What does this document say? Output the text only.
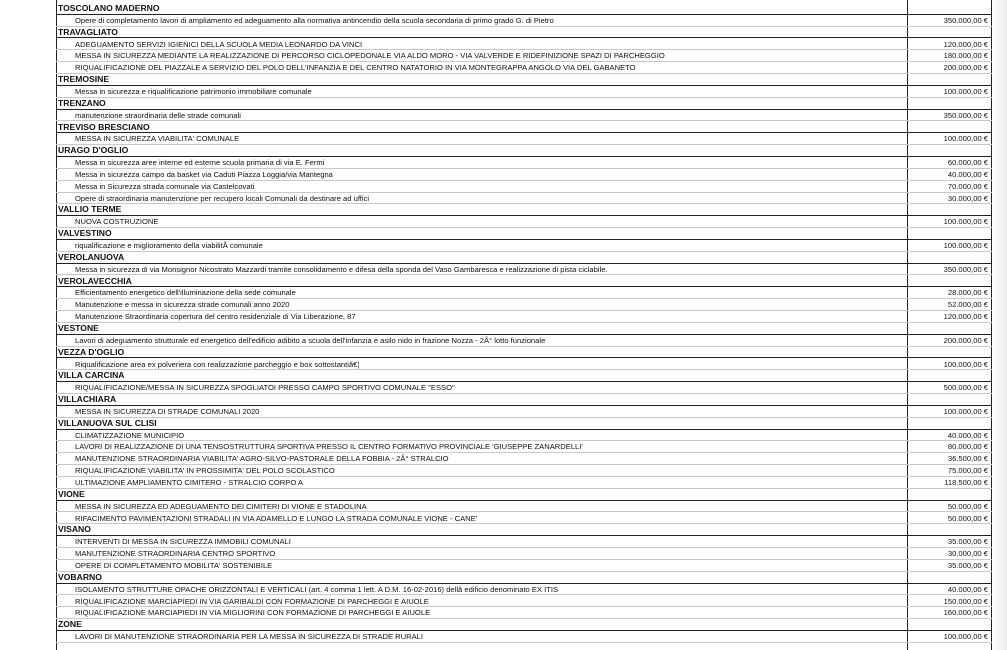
TOSCOLANO MADERNO
Opere di completamento lavori di ampliamento ed adeguamento alla normativa antincendio della scuola secondaria di primo grado G. di Pietro	350.000,00 €
TRAVAGLIATO
ADEGUAMENTO SERVIZI IGIENICI DELLA SCUOLA MEDIA LEONARDO DA VINCI	120.000,00 €
MESSA IN SICUREZZA MEDIANTE LA REALIZZAZIONE DI PERCORSO CICLOPEDONALE VIA ALDO MORO - VIA VALVERDE E RIDEFINIZIONE SPAZI DI PARCHEGGIO	180.000,00 €
RIQUALIFICAZIONE DEL PIAZZALE A SERVIZIO DEL POLO DELL'INFANZIA E DEL CENTRO NATATORIO IN VIA MONTEGRAPPA ANGOLO VIA DEL GABANETO	200.000,00 €
TREMOSINE
Messa in sicurezza e riqualificazione patrimonio immobiliare comunale	100.000,00 €
TRENZANO
manutenzione straordinaria delle strade comunali	350.000,00 €
TREVISO BRESCIANO
MESSA IN SICUREZZA VIABILITA' COMUNALE	100.000,00 €
URAGO D'OGLIO
Messa in sicurezza aree interne ed esterne scuola primaria di via E. Fermi	60.000,00 €
Messa in sicurezza campo da basket via Caduti Piazza Loggia/via Mantegna	40.000,00 €
Messa in Sicurezza strada comunale via Castelcovati	70.000,00 €
Opere di straordinaria manutenzione per recupero locali Comunali da destinare ad uffici	30.000,00 €
VALLIO TERME
NUOVA COSTRUZIONE	100.000,00 €
VALVESTINO
riqualificazione e miglioramento della viabilitÃ comunale	100.000,00 €
VEROLANUOVA
Messa in sicurezza di via Monsignor Nicostrato Mazzardi tramite consolidamento e difesa della sponda del Vaso Gambaresca e realizzazione di pista ciclabile.	350.000,00 €
VEROLAVECCHIA
Efficientamento energetico dell'illuminazione della sede comunale	28.000,00 €
Manutenzione e messa in sicurezza strade comunali anno 2020	52.000,00 €
Manutenzione Straordinaria copertura del centro residenziale di Via Liberazione, 87	120.000,00 €
VESTONE
Lavori di adeguamento strutturale ed energetico dell'edificio adibito a scuola dell'infanzia e asilo nido in frazione Nozza - 2Â° lotto funzionale	200.000,00 €
VEZZA D'OGLIO
Riqualificazione area ex polveriera con realizzazione parcheggio e box sottostantiâ€¦	100.000,00 €
VILLA CARCINA
RIQUALIFICAZIONE/MESSA IN SICUREZZA SPOGLIATOI PRESSO CAMPO SPORTIVO COMUNALE "ESSO"	500.000,00 €
VILLACHIARA
MESSA IN SICUREZZA DI STRADE COMUNALI 2020	100.000,00 €
VILLANUOVA SUL CLISI
CLIMATIZZAZIONE MUNICIPIO	40.000,00 €
LAVORI DI REALIZZAZIONE DI UNA TENSOSTRUTTURA SPORTIVA PRESSO IL CENTRO FORMATIVO PROVINCIALE 'GIUSEPPE ZANARDELLI'	80.000,00 €
MANUTENZIONE STRAORDINARIA VIABILITA' AGRO-SILVO-PASTORALE DELLA FOBBIA - 2Â° STRALCIO	36.500,00 €
RIQUALIFICAZIONE VIABILITA' IN PROSSIMITA' DEL POLO SCOLASTICO	75.000,00 €
ULTIMAZIONE AMPLIAMENTO CIMITERO - STRALCIO CORPO A	118.500,00 €
VIONE
MESSA IN SICUREZZA ED ADEGUAMENTO DEI CIMITERI DI VIONE E STADOLINA	50.000,00 €
RIFACIMENTO PAVIMENTAZIONI STRADALI IN VIA ADAMELLO E LUNGO LA STRADA COMUNALE VIONE - CANE'	50.000,00 €
VISANO
INTERVENTI DI MESSA IN SICUREZZA IMMOBILI COMUNALI	35.000,00 €
MANUTENZIONE STRAORDINARIA CENTRO SPORTIVO	30.000,00 €
OPERE DI COMPLETAMENTO MOBILITA' SOSTENIBILE	35.000,00 €
VOBARNO
ISOLAMENTO STRUTTURE OPACHE ORIZZONTALI E VERTICALI (art. 4 comma 1 lett. A D.M. 16-02-2016) dellâ edificio denominato EX ITIS	40.000,00 €
RIQUALIFICAZIONE MARCIAPIEDI IN VIA GARIBALDI CON FORMAZIONE DI PARCHEGGI E AIUOLE	150.000,00 €
RIQUALIFICAZIONE MARCIAPIEDI IN VIA MIGLIORINI CON FORMAZIONE DI PARCHEGGI E AIUOLE	160.000,00 €
ZONE
LAVORI DI MANUTENZIONE STRAORDINARIA PER LA MESSA IN SICUREZZA DI STRADE RURALI	100.000,00 €
